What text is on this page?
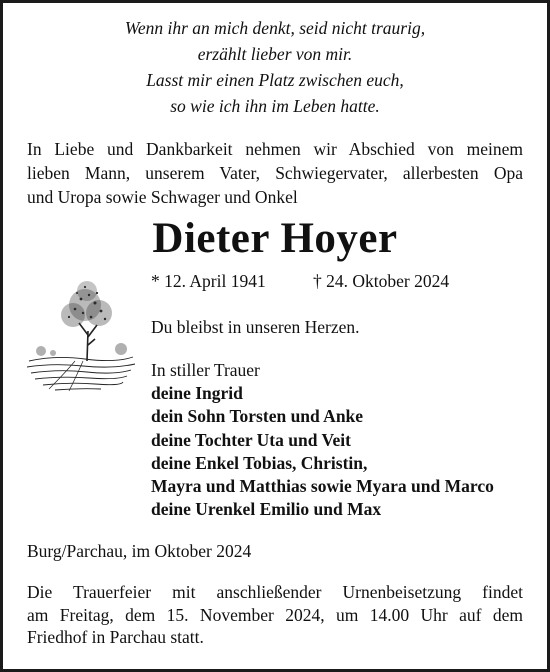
Wenn ihr an mich denkt, seid nicht traurig,
erzählt lieber von mir.
Lasst mir einen Platz zwischen euch,
so wie ich ihn im Leben hatte.
In Liebe und Dankbarkeit nehmen wir Abschied von meinem
lieben Mann, unserem Vater, Schwiegervater, allerbesten Opa
und Uropa sowie Schwager und Onkel
Dieter Hoyer
* 12. April 1941	† 24. Oktober 2024
Du bleibst in unseren Herzen.
In stiller Trauer
deine Ingrid
dein Sohn Torsten und Anke
deine Tochter Uta und Veit
deine Enkel Tobias, Christin,
Mayra und Matthias sowie Myara und Marco
deine Urenkel Emilio und Max
Burg/Parchau, im Oktober 2024
Die Trauerfeier mit anschließender Urnenbeisetzung findet
am Freitag, dem 15. November 2024, um 14.00 Uhr auf dem
Friedhof in Parchau statt.
